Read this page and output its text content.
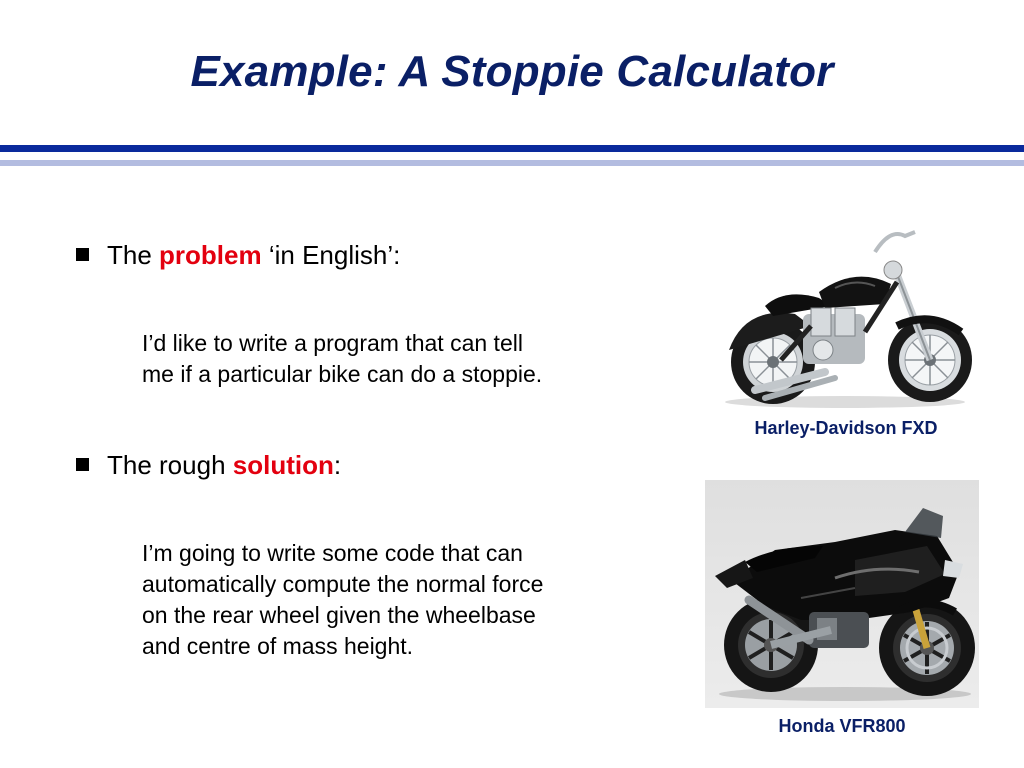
Example: A Stoppie Calculator
The problem ‘in English’:
I’d like to write a program that can tell
me if a particular bike can do a stoppie.
The rough solution:
I’m going to write some code that can
automatically compute the normal force
on the rear wheel given the wheelbase
and centre of mass height.
Harley-Davidson FXD
Honda VFR800
